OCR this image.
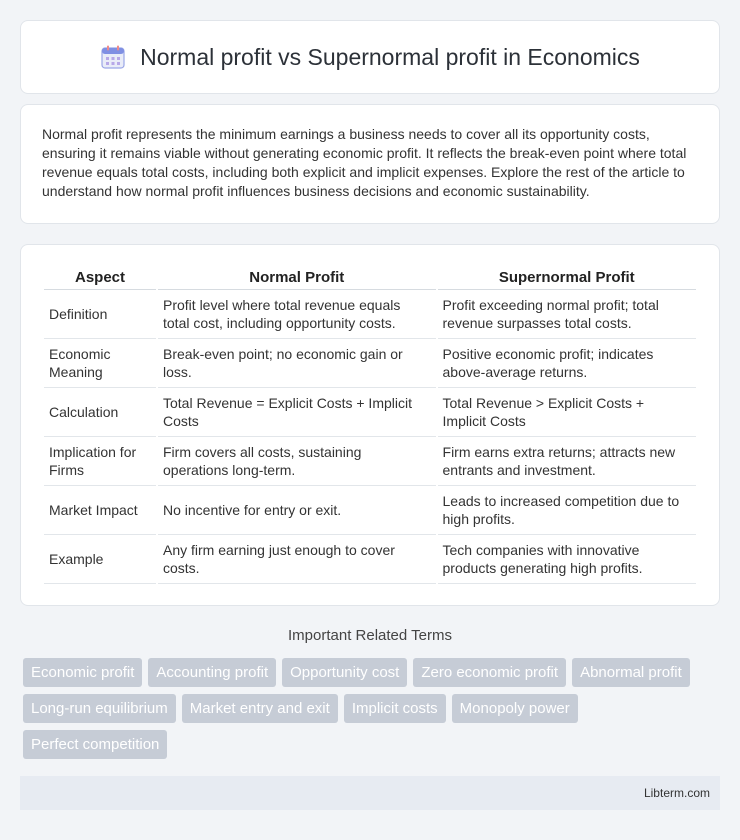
Normal profit vs Supernormal profit in Economics

Normal profit represents the minimum earnings a business needs to cover all its opportunity costs, ensuring it remains viable without generating economic profit. It reflects the break-even point where total revenue equals total costs, including both explicit and implicit expenses. Explore the rest of the article to understand how normal profit influences business decisions and economic sustainability.

Aspect	Normal Profit	Supernormal Profit
Definition	Profit level where total revenue equals total cost, including opportunity costs.	Profit exceeding normal profit; total revenue surpasses total costs.
Economic Meaning	Break-even point; no economic gain or loss.	Positive economic profit; indicates above-average returns.
Calculation	Total Revenue = Explicit Costs + Implicit Costs	Total Revenue > Explicit Costs + Implicit Costs
Implication for Firms	Firm covers all costs, sustaining operations long-term.	Firm earns extra returns; attracts new entrants and investment.
Market Impact	No incentive for entry or exit.	Leads to increased competition due to high profits.
Example	Any firm earning just enough to cover costs.	Tech companies with innovative products generating high profits.
Important Related Terms
Economic profit	Accounting profit	Opportunity cost	Zero economic profit	Abnormal profit
Long-run equilibrium	Market entry and exit	Implicit costs	Monopoly power
Perfect competition
Libterm.com
